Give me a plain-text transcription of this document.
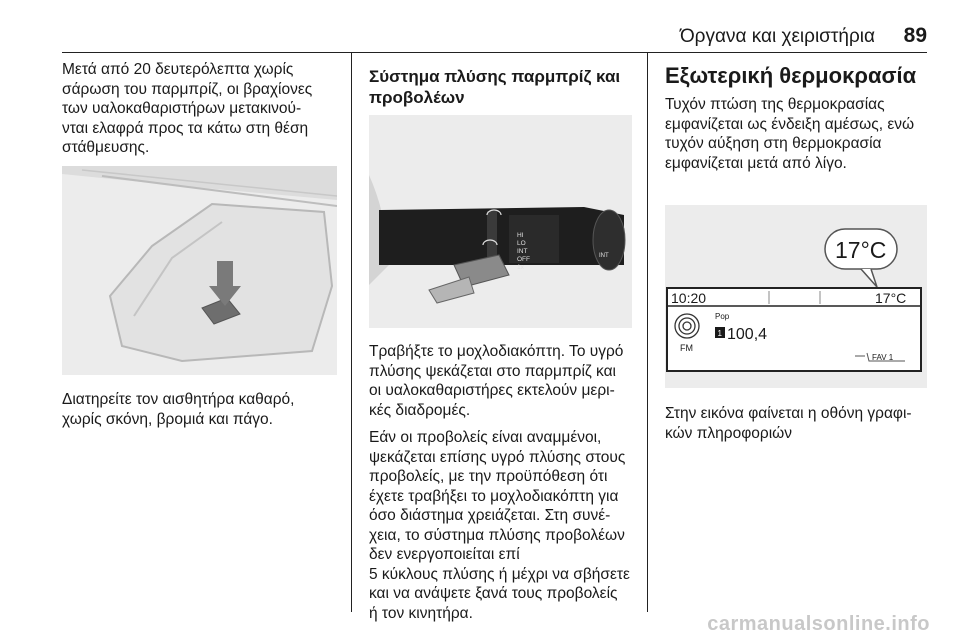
Όργανα και χειριστήρια 89
Μετά από 20 δευτερόλεπτα χωρίς
σάρωση του παρμπρίζ, οι βραχίονες
των υαλοκαθαριστήρων μετακινού-
νται ελαφρά προς τα κάτω στη θέση
στάθμευσης.
Διατηρείτε τον αισθητήρα καθαρό,
χωρίς σκόνη, βρομιά και πάγο.
Σύστημα πλύσης παρμπρίζ και
προβολέων
HI
LO
INT
OFF
1x
INT
Τραβήξτε το μοχλοδιακόπτη. Το υγρό
πλύσης ψεκάζεται στο παρμπρίζ και
οι υαλοκαθαριστήρες εκτελούν μερι-
κές διαδρομές.
Εάν οι προβολείς είναι αναμμένοι,
ψεκάζεται επίσης υγρό πλύσης στους
προβολείς, με την προϋπόθεση ότι
έχετε τραβήξει το μοχλοδιακόπτη για
όσο διάστημα χρειάζεται. Στη συνέ-
χεια, το σύστημα πλύσης προβολέων
δεν ενεργοποιείται επί
5 κύκλους πλύσης ή μέχρι να σβήσετε
και να ανάψετε ξανά τους προβολείς
ή τον κινητήρα.
Εξωτερική θερμοκρασία
Τυχόν πτώση της θερμοκρασίας
εμφανίζεται ως ένδειξη αμέσως, ενώ
τυχόν αύξηση στη θερμοκρασία
εμφανίζεται μετά από λίγο.
17°C
10:20	17°C
FM
Pop
1 100,4
FAV 1
Στην εικόνα φαίνεται η οθόνη γραφι-
κών πληροφοριών
carmanualsonline.info
